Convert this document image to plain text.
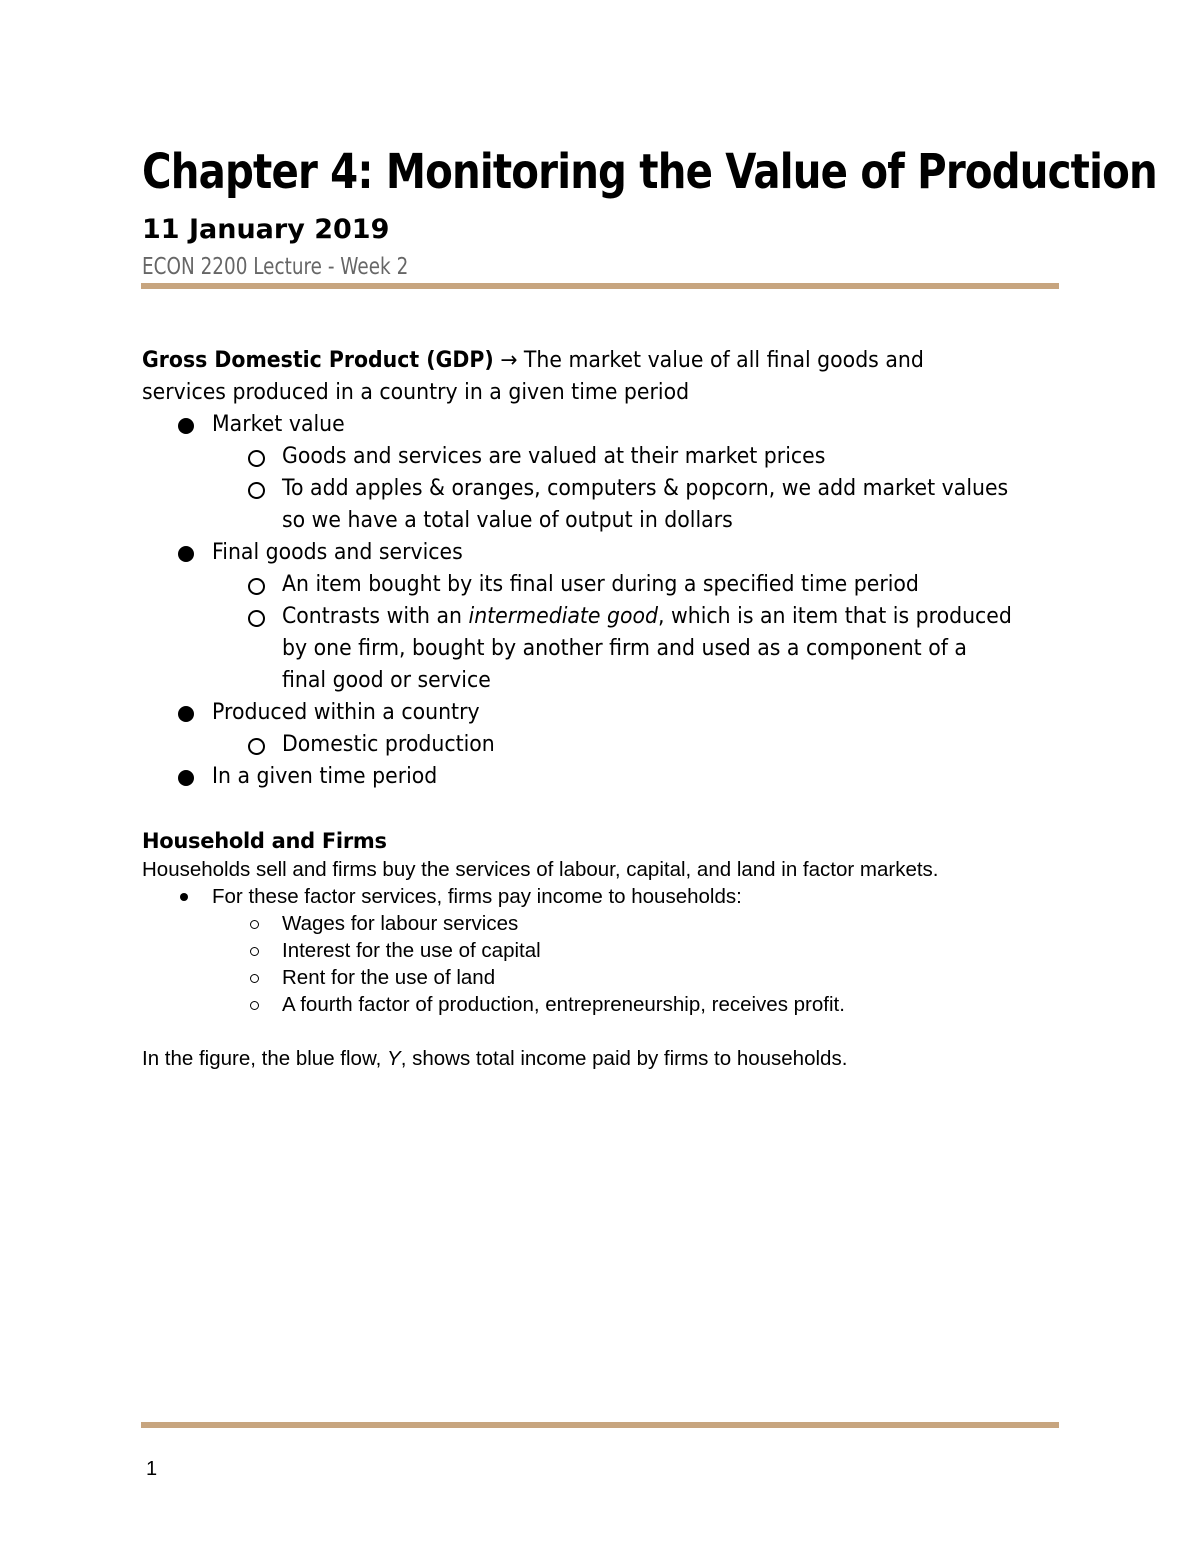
Chapter 4: Monitoring the Value of Production
11 January 2019
ECON 2200 Lecture - Week 2

Gross Domestic Product (GDP) → The market value of all final goods and
services produced in a country in a given time period

Market value
Goods and services are valued at their market prices
To add apples & oranges, computers & popcorn, we add market values
so we have a total value of output in dollars
Final goods and services
An item bought by its final user during a specified time period
Contrasts with an intermediate good, which is an item that is produced
by one firm, bought by another firm and used as a component of a
final good or service
Produced within a country
Domestic production
In a given time period

Household and Firms

Households sell and firms buy the services of labour, capital, and land in factor markets.

For these factor services, firms pay income to households:
Wages for labour services
Interest for the use of capital
Rent for the use of land
A fourth factor of production, entrepreneurship, receives profit.

In the figure, the blue flow, Y, shows total income paid by firms to households.

1
